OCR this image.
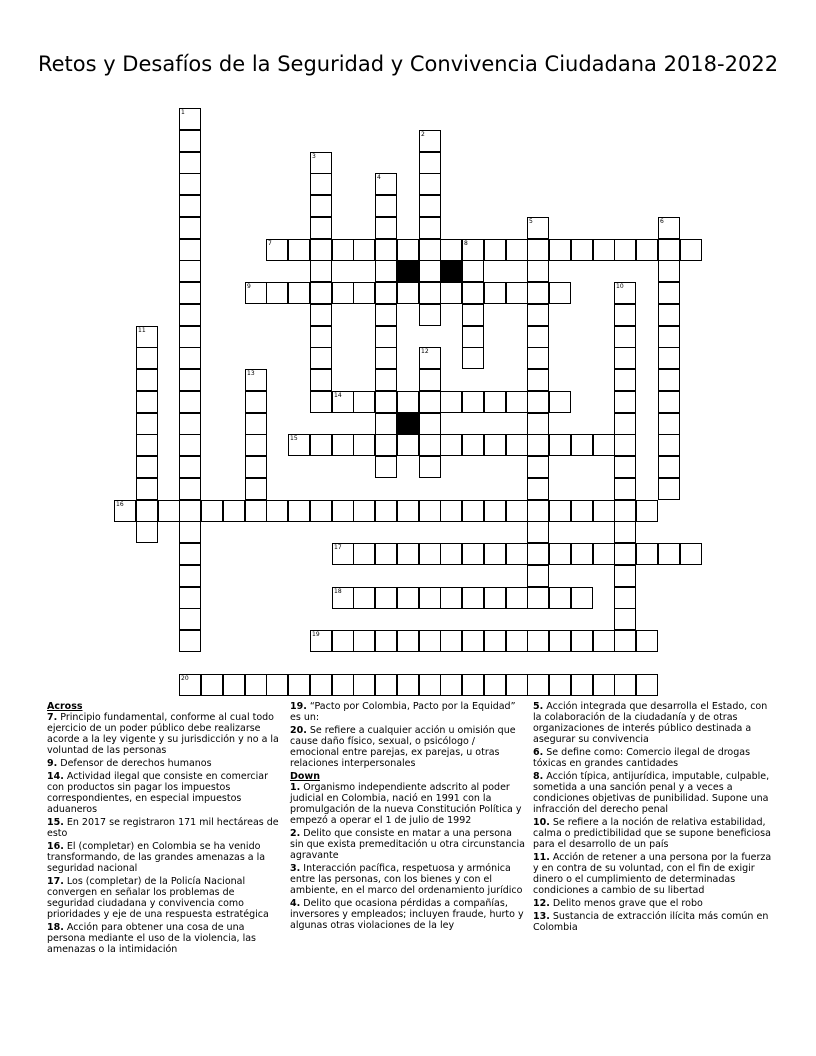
Retos y Desafíos de la Seguridad y Convivencia Ciudadana 2018-2022
1
2
3
4
5	6
7	8
9	10
11
12
13
14
15
16
17
18
19
20
Across
7. Principio fundamental, conforme al cual todo ejercicio de un poder público debe realizarse acorde a la ley vigente y su jurisdicción y no a la voluntad de las personas
9. Defensor de derechos humanos
14. Actividad ilegal que consiste en comerciar con productos sin pagar los impuestos correspondientes, en especial impuestos aduaneros
15. En 2017 se registraron 171 mil hectáreas de esto
16. El (completar) en Colombia se ha venido transformando, de las grandes amenazas a la seguridad nacional
17. Los (completar) de la Policía Nacional convergen en señalar los problemas de seguridad ciudadana y convivencia como prioridades y eje de una respuesta estratégica
18. Acción para obtener una cosa de una persona mediante el uso de la violencia, las amenazas o la intimidación
19. “Pacto por Colombia, Pacto por la Equidad” es un:
20. Se refiere a cualquier acción u omisión que cause daño físico, sexual, o psicólogo / emocional entre parejas, ex parejas, u otras relaciones interpersonales
Down
1. Organismo independiente adscrito al poder judicial en Colombia, nació en 1991 con la promulgación de la nueva Constitución Política y empezó a operar el 1 de julio de 1992
2. Delito que consiste en matar a una persona sin que exista premeditación u otra circunstancia agravante
3. Interacción pacífica, respetuosa y armónica entre las personas, con los bienes y con el ambiente, en el marco del ordenamiento jurídico
4. Delito que ocasiona pérdidas a compañías, inversores y empleados; incluyen fraude, hurto y algunas otras violaciones de la ley
5. Acción integrada que desarrolla el Estado, con la colaboración de la ciudadanía y de otras organizaciones de interés público destinada a asegurar su convivencia
6. Se define como: Comercio ilegal de drogas tóxicas en grandes cantidades
8. Acción típica, antijurídica, imputable, culpable, sometida a una sanción penal y a veces a condiciones objetivas de punibilidad. Supone una infracción del derecho penal
10. Se refiere a la noción de relativa estabilidad, calma o predictibilidad que se supone beneficiosa para el desarrollo de un país
11. Acción de retener a una persona por la fuerza y en contra de su voluntad, con el fin de exigir dinero o el cumplimiento de determinadas condiciones a cambio de su libertad
12. Delito menos grave que el robo
13. Sustancia de extracción ilícita más común en Colombia
